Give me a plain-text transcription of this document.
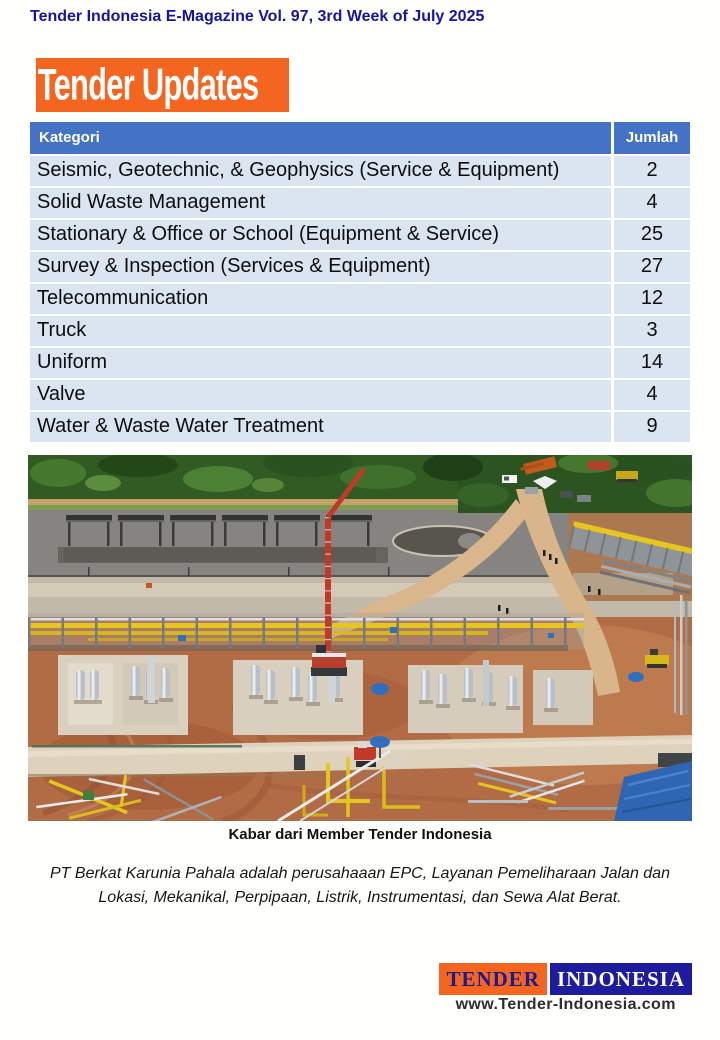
Tender Indonesia E-Magazine Vol. 97, 3rd Week of July 2025
Tender Updates
Kategori	Jumlah
Seismic, Geotechnic, & Geophysics (Service & Equipment)	2
Solid Waste Management	4
Stationary & Office or School (Equipment & Service)	25
Survey & Inspection (Services & Equipment)	27
Telecommunication	12
Truck	3
Uniform	14
Valve	4
Water & Waste Water Treatment	9
Kabar dari Member Tender Indonesia
PT Berkat Karunia Pahala adalah perusahaaan EPC, Layanan Pemeliharaan Jalan dan Lokasi, Mekanikal, Perpipaan, Listrik, Instrumentasi, dan Sewa Alat Berat.
TENDER INDONESIA
www.Tender-Indonesia.com
